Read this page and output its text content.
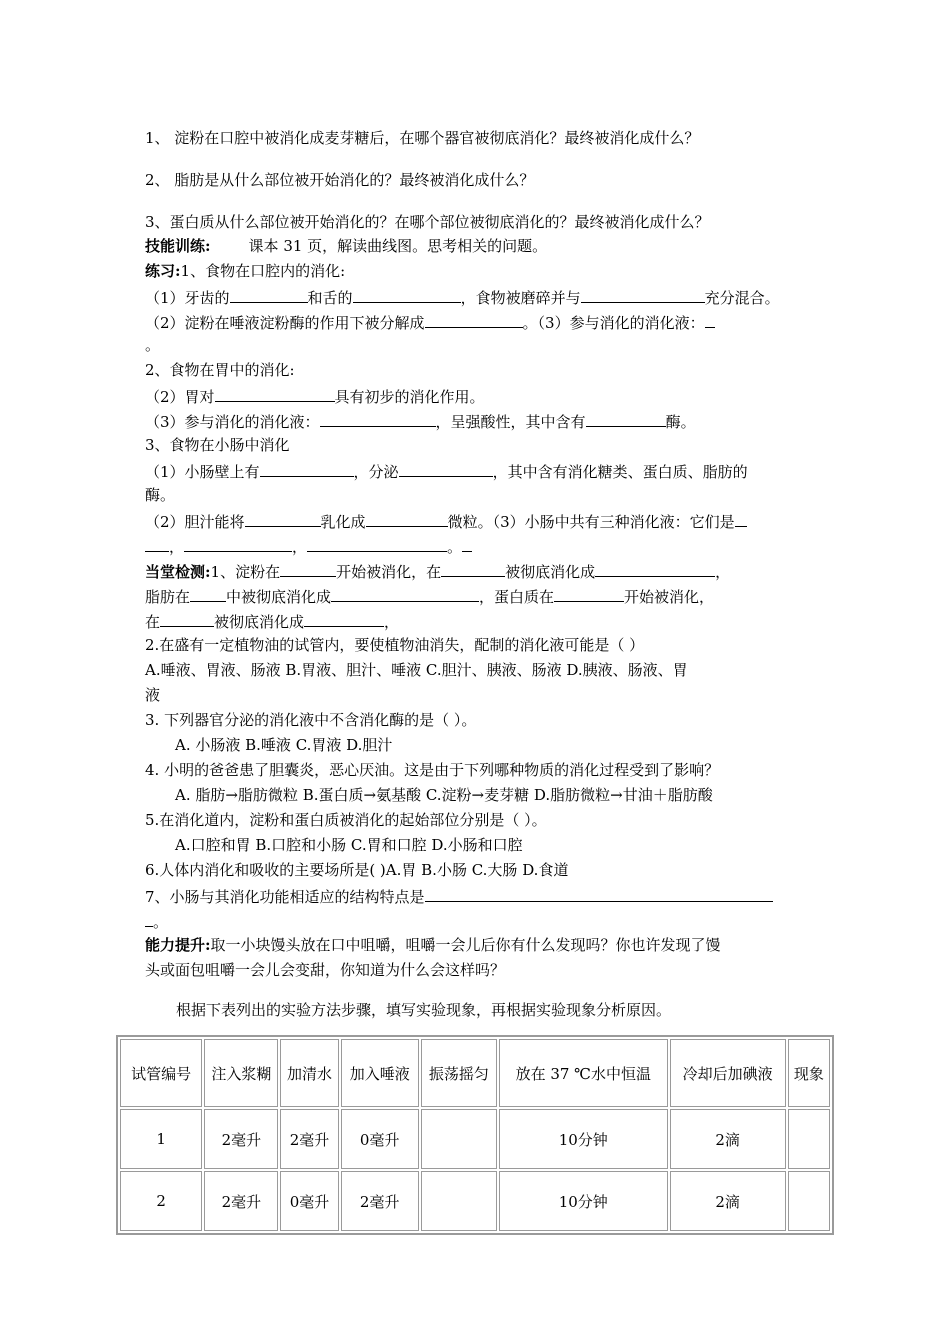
1、 淀粉在口腔中被消化成麦芽糖后，在哪个器官被彻底消化？最终被消化成什么？
2、 脂肪是从什么部位被开始消化的？最终被消化成什么？
3、蛋白质从什么部位被开始消化的？在哪个部位被彻底消化的？最终被消化成什么？
技能训练:	课本 31 页，解读曲线图。思考相关的问题。
练习:1、食物在口腔内的消化:
（1）牙齿的	和舌的	，食物被磨碎并与	充分混合。
（2）淀粉在唾液淀粉酶的作用下被分解成	。（3）参与消化的消化液：
。
2、食物在胃中的消化:
（2）胃对	具有初步的消化作用。
（3）参与消化的消化液：	，呈强酸性，其中含有	酶。
3、食物在小肠中消化
（1）小肠壁上有	，分泌	，其中含有消化糖类、蛋白质、脂肪的
酶。
（2）胆汁能将	乳化成	微粒。（3）小肠中共有三种消化液：它们是
，	，	。
当堂检测:1、淀粉在	开始被消化，在	被彻底消化成	，
脂肪在 中被彻底消化成	，蛋白质在	开始被消化，
在	被彻底消化成	，
2.在盛有一定植物油的试管内，要使植物油消失，配制的消化液可能是（ ）
A.唾液、胃液、肠液 B.胃液、胆汁、唾液 C.胆汁、胰液、肠液 D.胰液、肠液、胃
液
3. 下列器官分泌的消化液中不含消化酶的是（ ）。
A. 小肠液 B.唾液 C.胃液 D.胆汁
4. 小明的爸爸患了胆囊炎，恶心厌油。这是由于下列哪种物质的消化过程受到了影响？
A. 脂肪→脂肪微粒 B.蛋白质→氨基酸 C.淀粉→麦芽糖 D.脂肪微粒→甘油＋脂肪酸
5.在消化道内，淀粉和蛋白质被消化的起始部位分别是（ ）。
A.口腔和胃 B.口腔和小肠 C.胃和口腔 D.小肠和口腔
6.人体内消化和吸收的主要场所是( )A.胃 B.小肠 C.大肠 D.食道
7、小肠与其消化功能相适应的结构特点是
。
能力提升:取一小块馒头放在口中咀嚼，咀嚼一会儿后你有什么发现吗？你也许发现了馒
头或面包咀嚼一会儿会变甜，你知道为什么会这样吗？
根据下表列出的实验方法步骤，填写实验现象，再根据实验现象分析原因。
试管编号	注入浆糊	加清水	加入唾液	振荡摇匀	放在 37 ℃水中恒温	冷却后加碘液	现象
1	2毫升	2毫升	0毫升		10分钟	2滴	
2	2毫升	0毫升	2毫升		10分钟	2滴	
